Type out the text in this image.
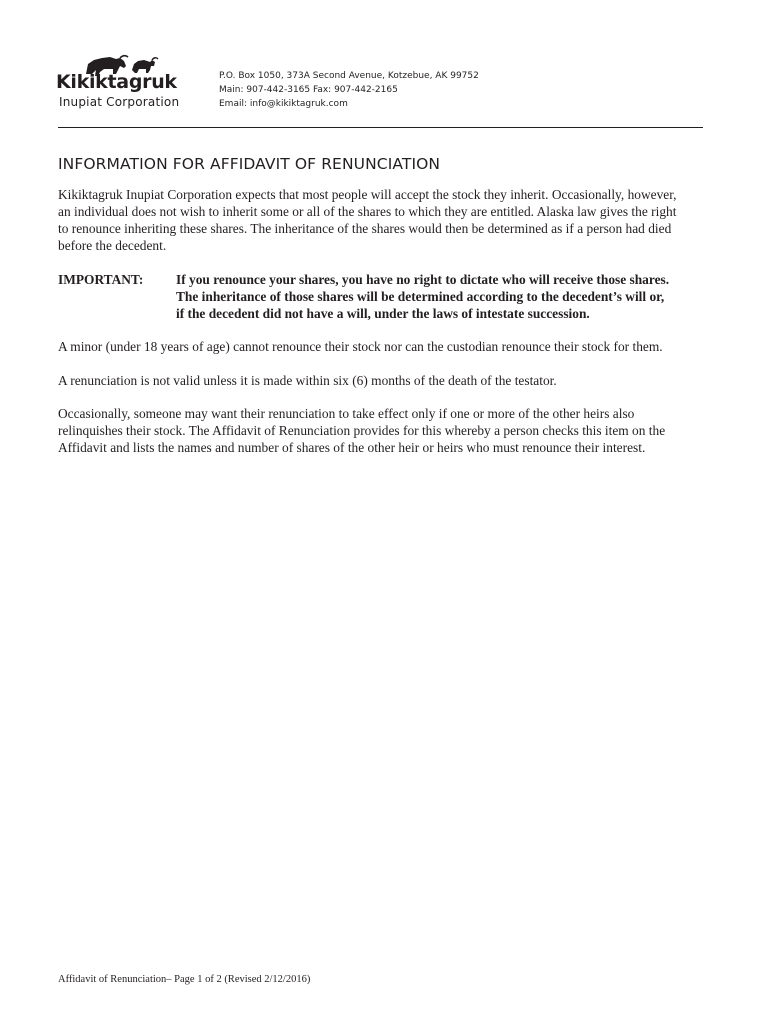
Kikiktagruk
Inupiat Corporation
P.O. Box 1050, 373A Second Avenue, Kotzebue, AK 99752
Main: 907-442-3165 Fax: 907-442-2165
Email: info@kikiktagruk.com
INFORMATION FOR AFFIDAVIT OF RENUNCIATION
Kikiktagruk Inupiat Corporation expects that most people will accept the stock they inherit. Occasionally, however,
an individual does not wish to inherit some or all of the shares to which they are entitled. Alaska law gives the right
to renounce inheriting these shares. The inheritance of the shares would then be determined as if a person had died
before the decedent.
IMPORTANT: If you renounce your shares, you have no right to dictate who will receive those shares.
The inheritance of those shares will be determined according to the decedent’s will or,
if the decedent did not have a will, under the laws of intestate succession.
A minor (under 18 years of age) cannot renounce their stock nor can the custodian renounce their stock for them.
A renunciation is not valid unless it is made within six (6) months of the death of the testator.
Occasionally, someone may want their renunciation to take effect only if one or more of the other heirs also
relinquishes their stock. The Affidavit of Renunciation provides for this whereby a person checks this item on the
Affidavit and lists the names and number of shares of the other heir or heirs who must renounce their interest.
Affidavit of Renunciation– Page 1 of 2 (Revised 2/12/2016)
